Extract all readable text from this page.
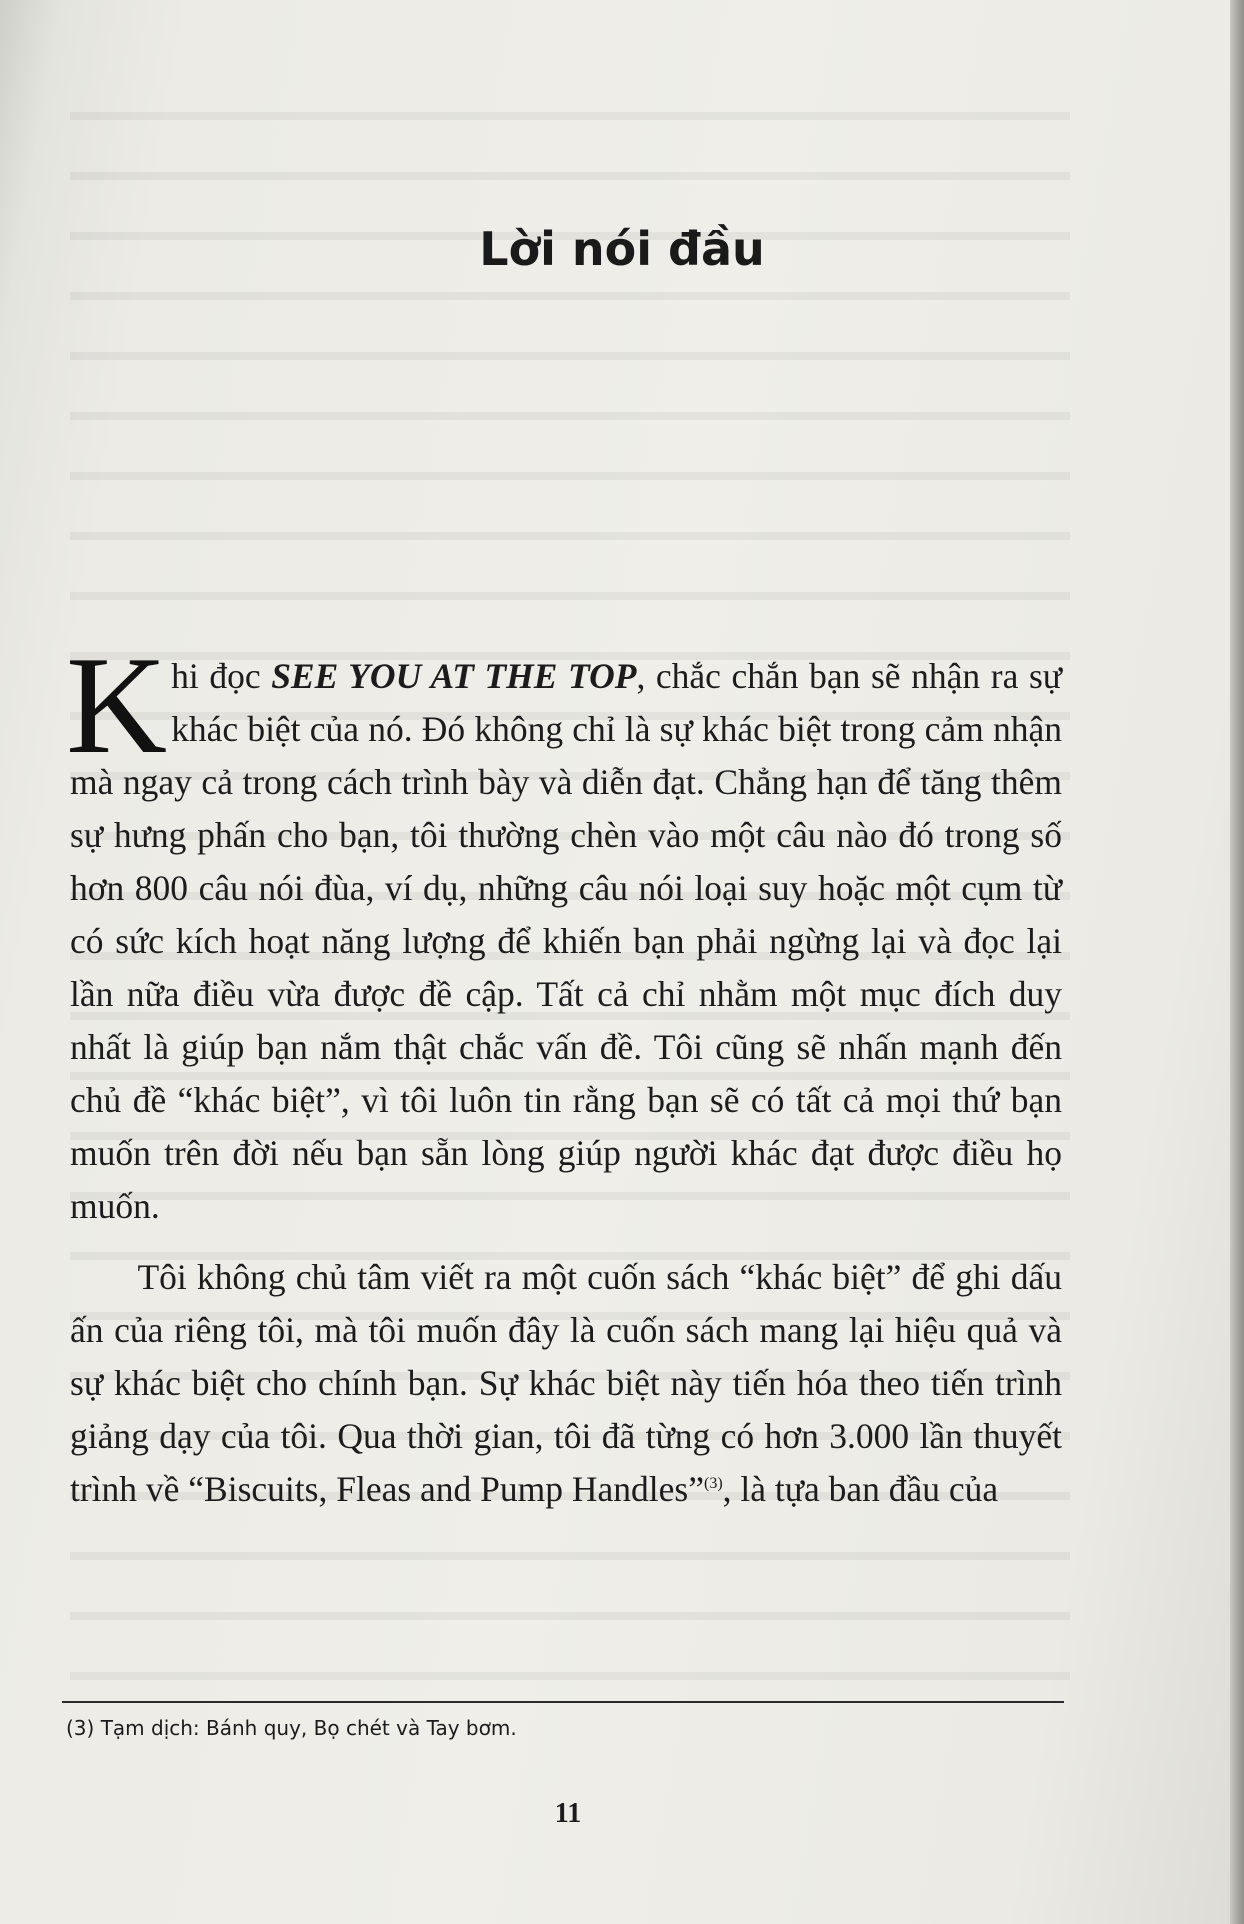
Lời nói đầu

Khi đọc SEE YOU AT THE TOP, chắc chắn bạn sẽ nhận ra sự khác biệt của nó. Đó không chỉ là sự khác biệt trong cảm nhận mà ngay cả trong cách trình bày và diễn đạt. Chẳng hạn để tăng thêm sự hưng phấn cho bạn, tôi thường chèn vào một câu nào đó trong số hơn 800 câu nói đùa, ví dụ, những câu nói loại suy hoặc một cụm từ có sức kích hoạt năng lượng để khiến bạn phải ngừng lại và đọc lại lần nữa điều vừa được đề cập. Tất cả chỉ nhằm một mục đích duy nhất là giúp bạn nắm thật chắc vấn đề. Tôi cũng sẽ nhấn mạnh đến chủ đề “khác biệt”, vì tôi luôn tin rằng bạn sẽ có tất cả mọi thứ bạn muốn trên đời nếu bạn sẵn lòng giúp người khác đạt được điều họ muốn.

Tôi không chủ tâm viết ra một cuốn sách “khác biệt” để ghi dấu ấn của riêng tôi, mà tôi muốn đây là cuốn sách mang lại hiệu quả và sự khác biệt cho chính bạn. Sự khác biệt này tiến hóa theo tiến trình giảng dạy của tôi. Qua thời gian, tôi đã từng có hơn 3.000 lần thuyết trình về “Biscuits, Fleas and Pump Handles”$^{(3)}$, là tựa ban đầu của

(3) Tạm dịch: Bánh quy, Bọ chét và Tay bơm.
11
